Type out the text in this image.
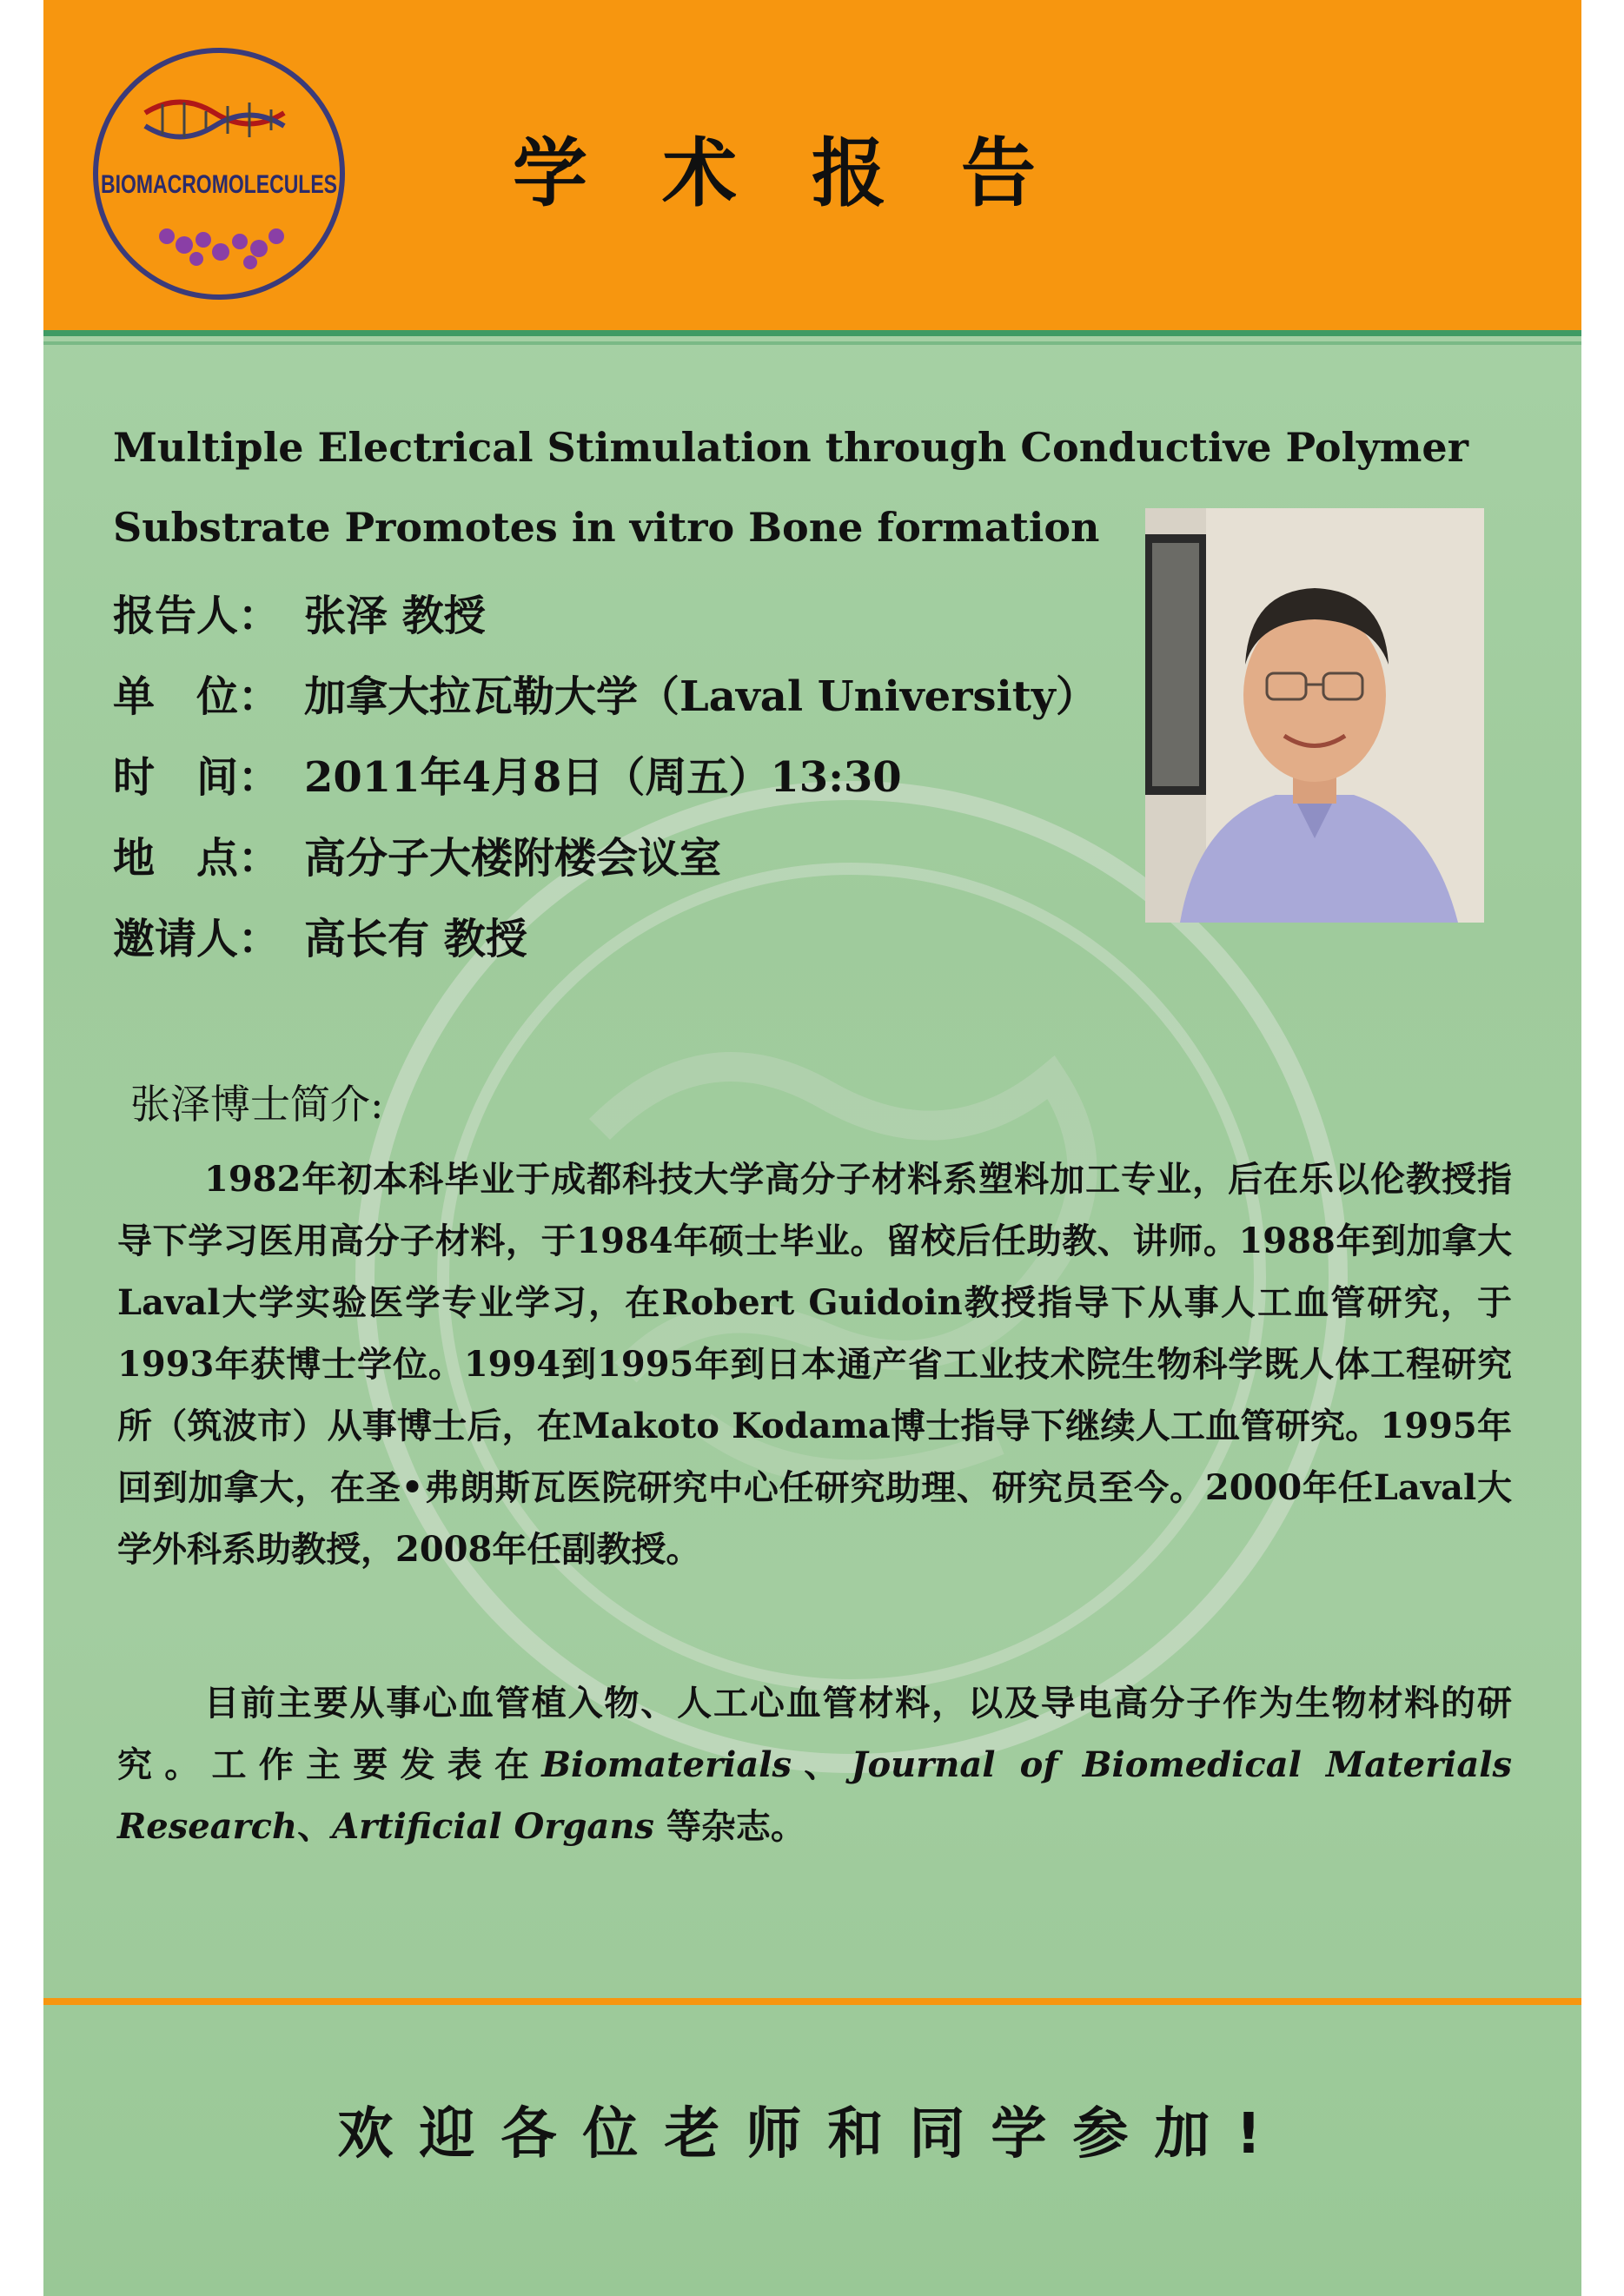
BIOMACROMOLECULES 学术报告
Multiple Electrical Stimulation through Conductive Polymer
Substrate Promotes in vitro Bone formation
报告人： 张泽 教授
单　位： 加拿大拉瓦勒大学（Laval University）
时　间： 2011年4月8日（周五）13:30
地　点： 高分子大楼附楼会议室
邀请人： 高长有 教授
张泽博士简介:
1982年初本科毕业于成都科技大学高分子材料系塑料加工专业，后在乐以伦教授指导下学习医用高分子材料，于1984年硕士毕业。留校后任助教、讲师。1988年到加拿大Laval大学实验医学专业学习，在Robert Guidoin教授指导下从事人工血管研究，于1993年获博士学位。1994到1995年到日本通产省工业技术院生物科学既人体工程研究所（筑波市）从事博士后，在Makoto Kodama博士指导下继续人工血管研究。1995年回到加拿大，在圣•弗朗斯瓦医院研究中心任研究助理、研究员至今。2000年任Laval大学外科系助教授，2008年任副教授。
目前主要从事心血管植入物、人工心血管材料，以及导电高分子作为生物材料的研究。工作主要发表在Biomaterials、Journal of Biomedical Materials Research、Artificial Organs 等杂志。
欢迎各位老师和同学参加!
